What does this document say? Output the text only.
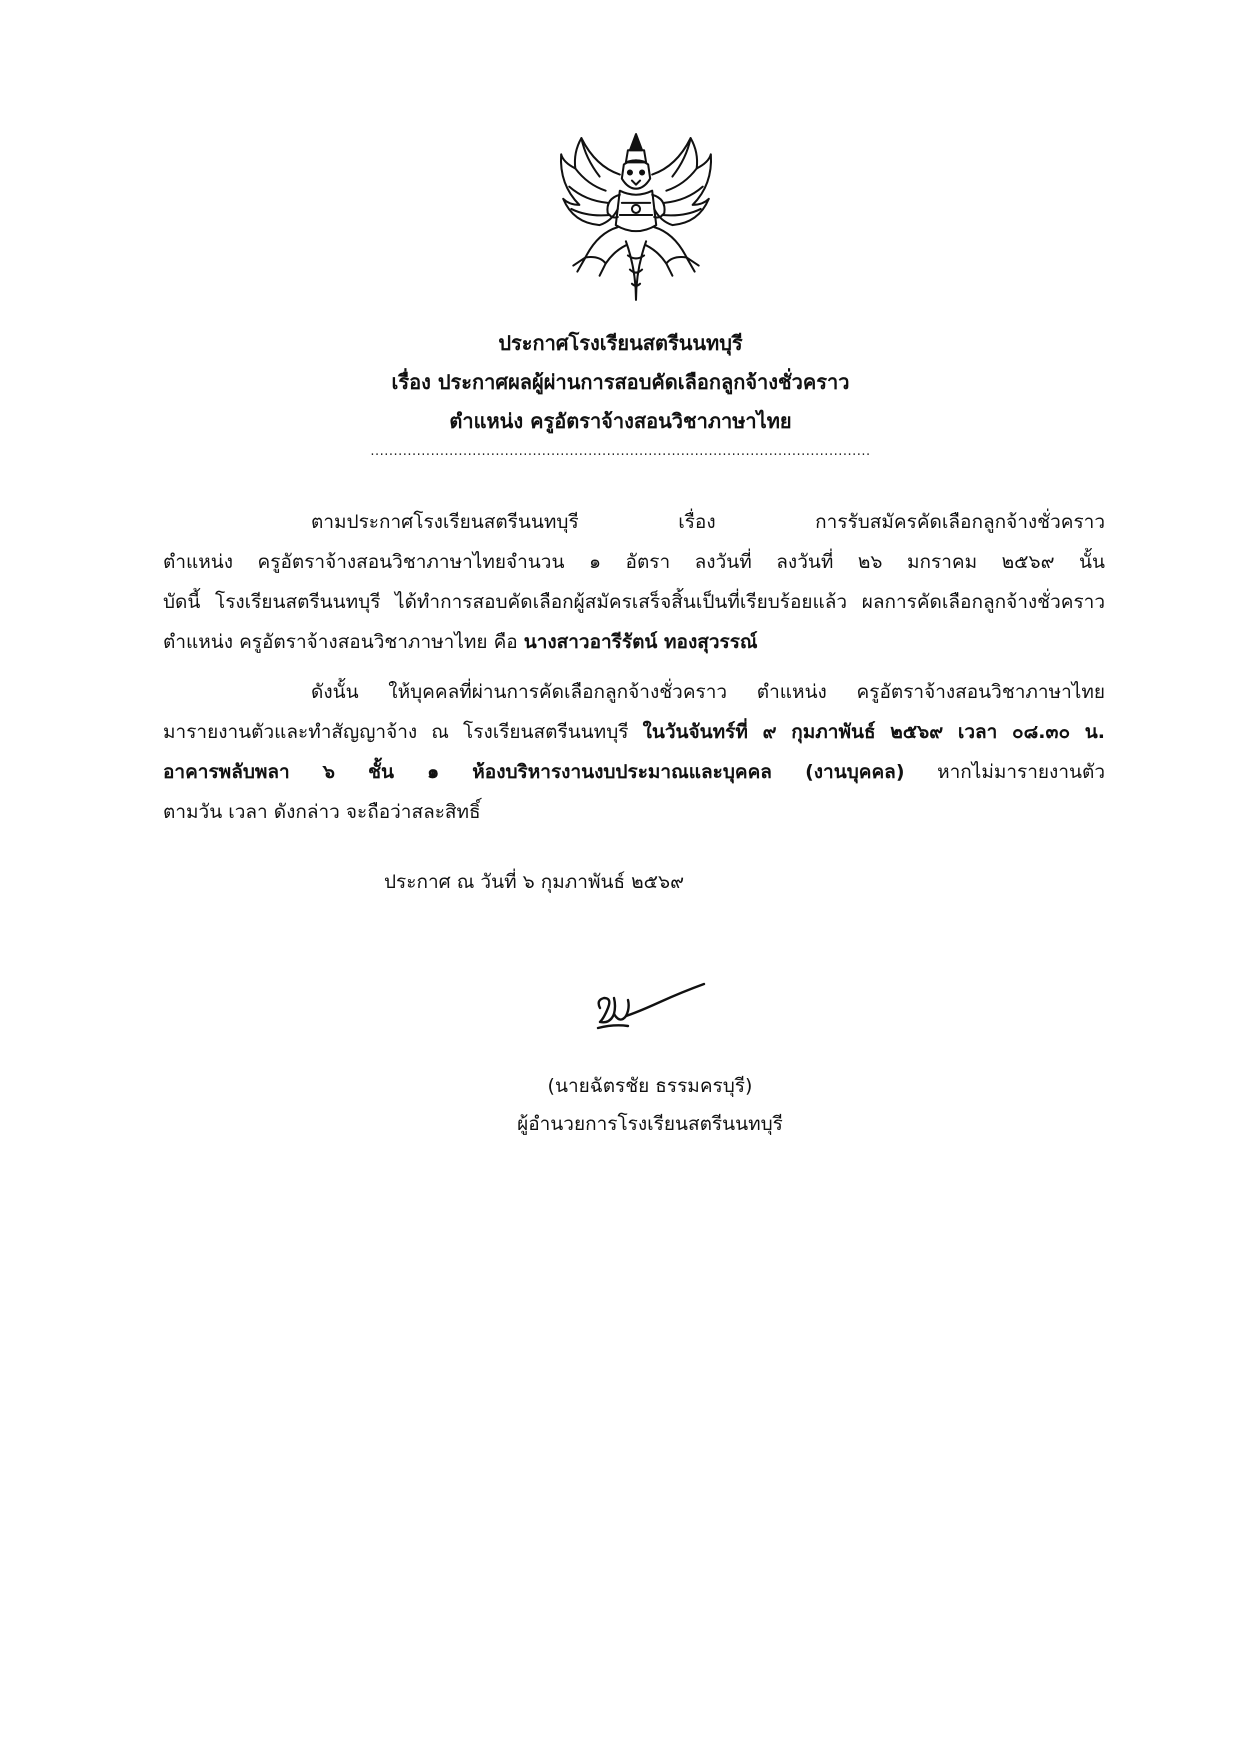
ประกาศโรงเรียนสตรีนนทบุรี
เรื่อง ประกาศผลผู้ผ่านการสอบคัดเลือกลูกจ้างชั่วคราว
ตำแหน่ง ครูอัตราจ้างสอนวิชาภาษาไทย
............................................................................................................
ตามประกาศโรงเรียนสตรีนนทบุรี เรื่อง การรับสมัครคัดเลือกลูกจ้างชั่วคราว
ตำแหน่ง ครูอัตราจ้างสอนวิชาภาษาไทยจำนวน ๑ อัตรา ลงวันที่ ลงวันที่ ๒๖ มกราคม ๒๕๖๙ นั้น
บัดนี้ โรงเรียนสตรีนนทบุรี ได้ทำการสอบคัดเลือกผู้สมัครเสร็จสิ้นเป็นที่เรียบร้อยแล้ว ผลการคัดเลือกลูกจ้างชั่วคราว
ตำแหน่ง ครูอัตราจ้างสอนวิชาภาษาไทย คือ นางสาวอารีรัตน์ ทองสุวรรณ์
ดังนั้น ให้บุคคลที่ผ่านการคัดเลือกลูกจ้างชั่วคราว ตำแหน่ง ครูอัตราจ้างสอนวิชาภาษาไทย
มารายงานตัวและทำสัญญาจ้าง ณ โรงเรียนสตรีนนทบุรี ในวันจันทร์ที่ ๙ กุมภาพันธ์ ๒๕๖๙ เวลา ๐๘.๓๐ น.
อาคารพลับพลา ๖ ชั้น ๑ ห้องบริหารงานงบประมาณและบุคคล (งานบุคคล) หากไม่มารายงานตัว
ตามวัน เวลา ดังกล่าว จะถือว่าสละสิทธิ์
ประกาศ ณ วันที่ ๖ กุมภาพันธ์ ๒๕๖๙
(นายฉัตรชัย ธรรมครบุรี)
ผู้อำนวยการโรงเรียนสตรีนนทบุรี
